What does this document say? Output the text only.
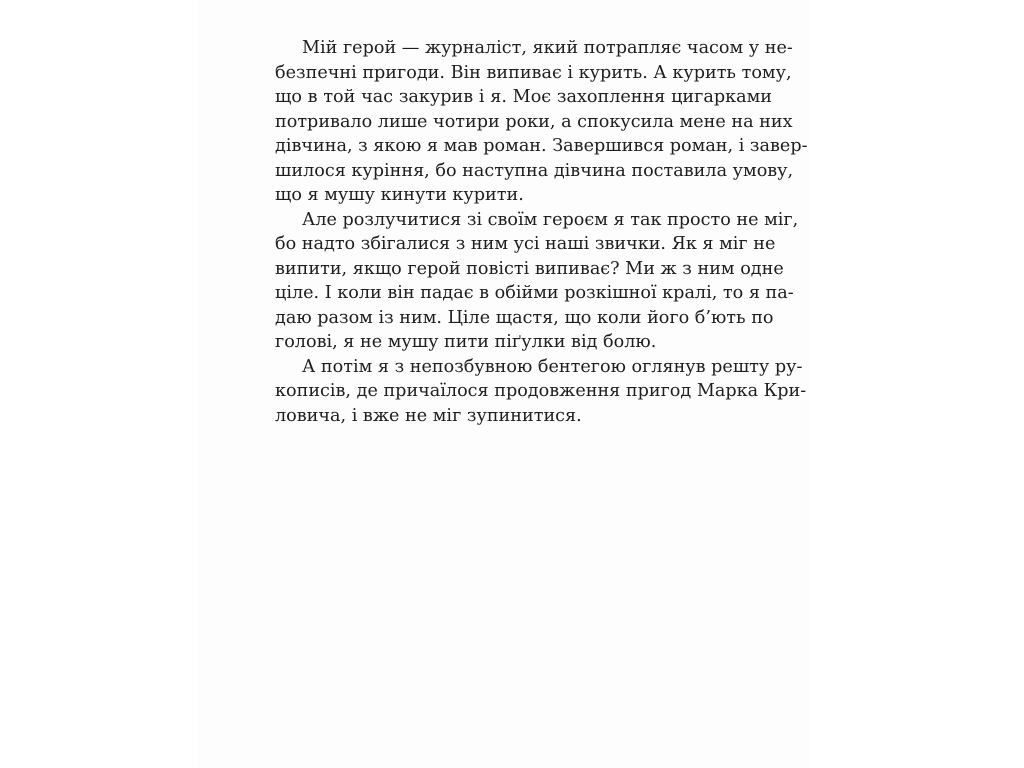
Мій герой — журналіст, який потрапляє часом у не-
безпечні пригоди. Він випиває і курить. А курить тому,
що в той час закурив і я. Моє захоплення цигарками
потривало лише чотири роки, а спокусила мене на них
дівчина, з якою я мав роман. Завершився роман, і завер-
шилося куріння, бо наступна дівчина поставила умову,
що я мушу кинути курити.
Але розлучитися зі своїм героєм я так просто не міг,
бо надто збігалися з ним усі наші звички. Як я міг не
випити, якщо герой повісті випиває? Ми ж з ним одне
ціле. І коли він падає в обійми розкішної кралі, то я па-
даю разом із ним. Ціле щастя, що коли його б’ють по
голові, я не мушу пити піґулки від болю.
А потім я з непозбувною бентегою оглянув решту ру-
кописів, де причаїлося продовження пригод Марка Кри-
ловича, і вже не міг зупинитися.
